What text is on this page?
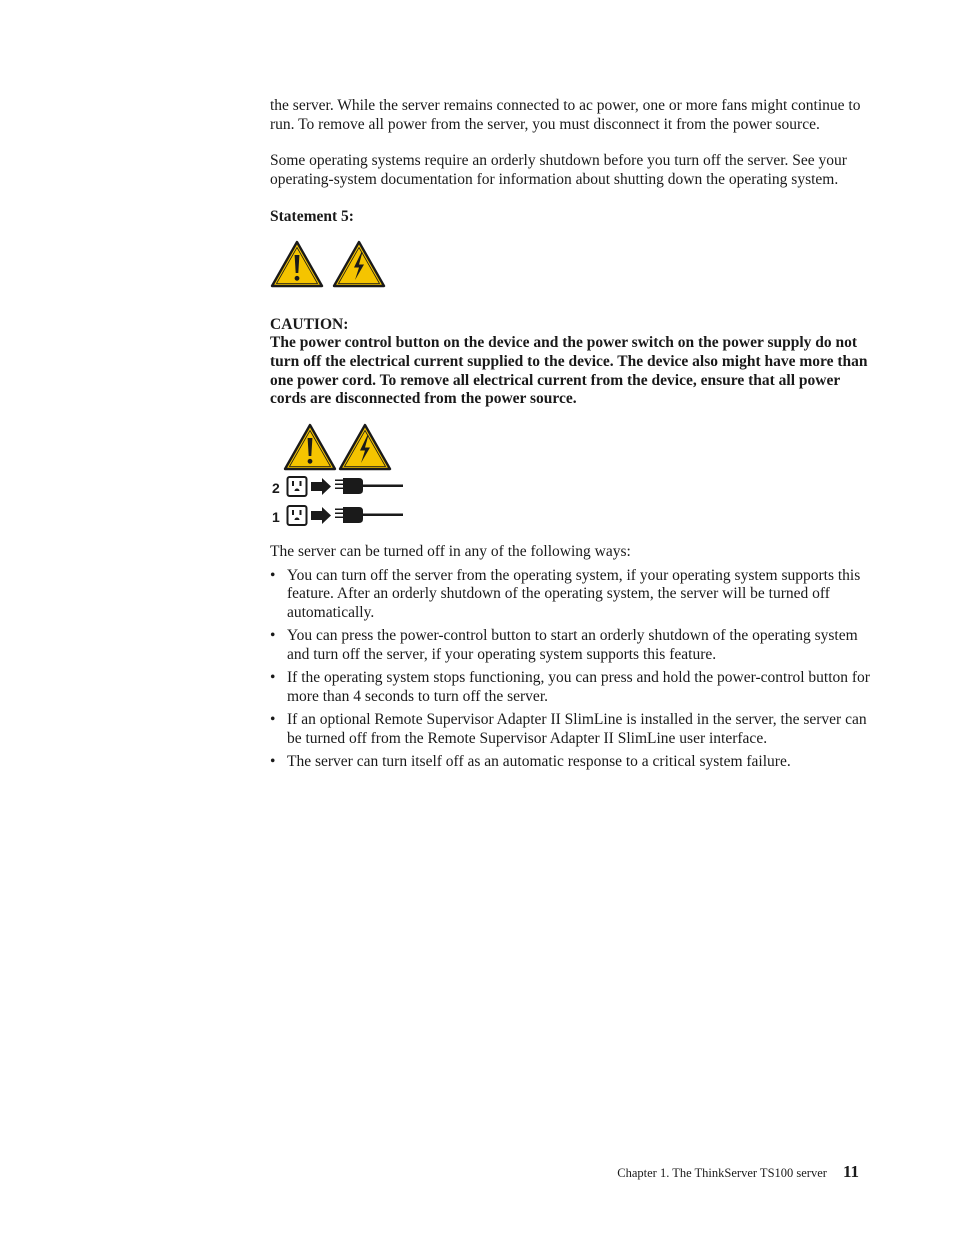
the server. While the server remains connected to ac power, one or more fans might continue to run. To remove all power from the server, you must disconnect it from the power source.

Some operating systems require an orderly shutdown before you turn off the server. See your operating-system documentation for information about shutting down the operating system.

Statement 5:

CAUTION:

The power control button on the device and the power switch on the power supply do not turn off the electrical current supplied to the device. The device also might have more than one power cord. To remove all electrical current from the device, ensure that all power cords are disconnected from the power source.

2
1

The server can be turned off in any of the following ways:

• You can turn off the server from the operating system, if your operating system supports this feature. After an orderly shutdown of the operating system, the server will be turned off automatically.
• You can press the power-control button to start an orderly shutdown of the operating system and turn off the server, if your operating system supports this feature.
• If the operating system stops functioning, you can press and hold the power-control button for more than 4 seconds to turn off the server.
• If an optional Remote Supervisor Adapter II SlimLine is installed in the server, the server can be turned off from the Remote Supervisor Adapter II SlimLine user interface.
• The server can turn itself off as an automatic response to a critical system failure.
Chapter 1. The ThinkServer TS100 server 11
